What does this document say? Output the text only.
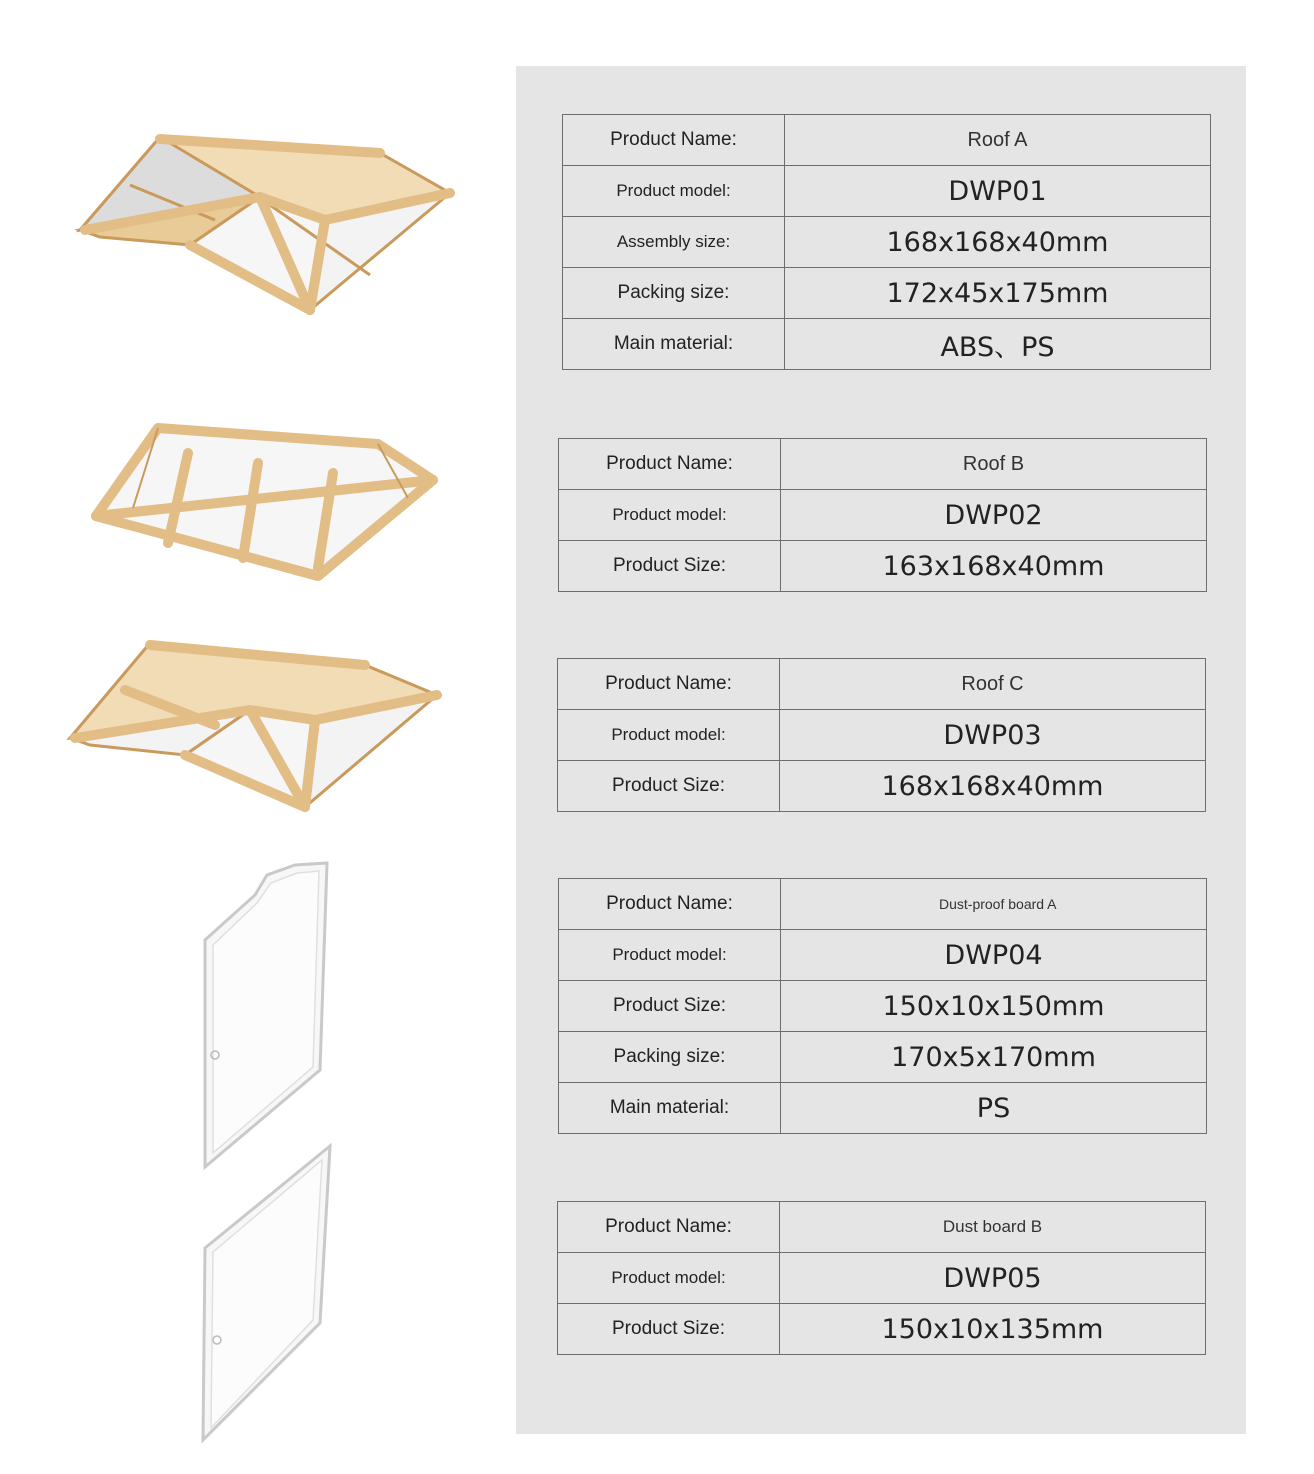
Product Name:	Roof A
Product model:	DWP01
Assembly size:	168x168x40mm
Packing size:	172x45x175mm
Main material:	ABS、PS
Product Name:	Roof B
Product model:	DWP02
Product Size:	163x168x40mm
Product Name:	Roof C
Product model:	DWP03
Product Size:	168x168x40mm
Product Name:	Dust-proof board A
Product model:	DWP04
Product Size:	150x10x150mm
Packing size:	170x5x170mm
Main material:	PS
Product Name:	Dust board B
Product model:	DWP05
Product Size:	150x10x135mm
